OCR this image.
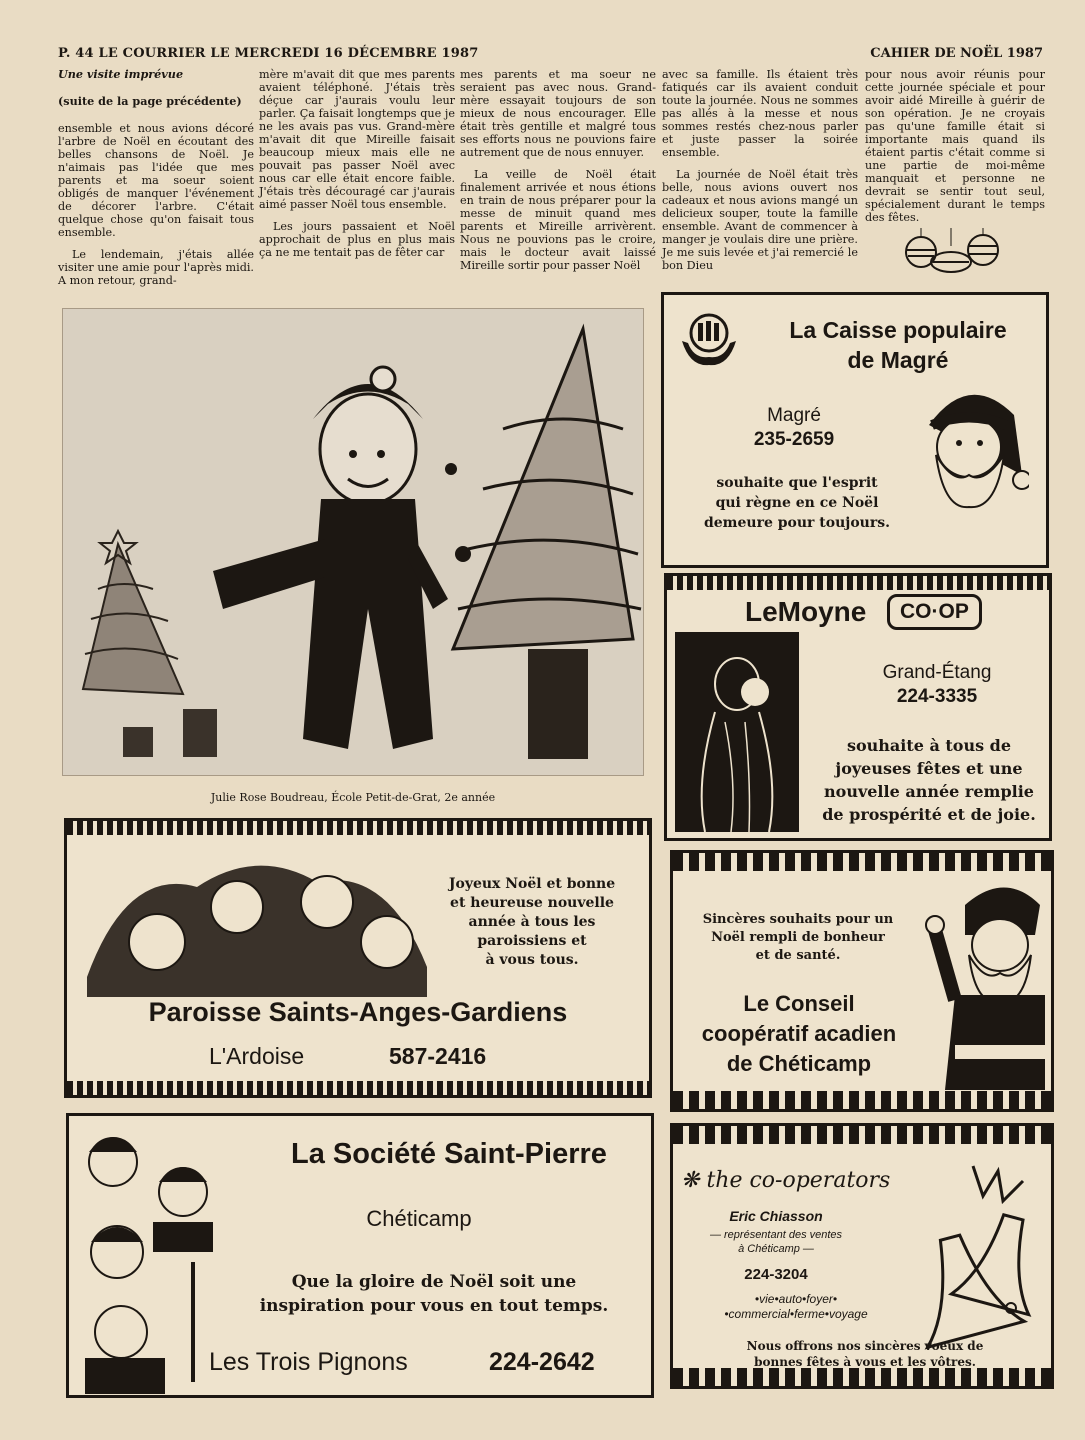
P. 44 LE COURRIER LE MERCREDI 16 DÉCEMBRE 1987	CAHIER DE NOËL 1987

Une visite imprévue

(suite de la page précédente)

ensemble et nous avions décoré l'arbre de Noël en écoutant des belles chansons de Noël. Je n'aimais pas l'idée que mes parents et ma soeur soient obligés de manquer l'événement de décorer l'arbre. C'était quelque chose qu'on faisait tous ensemble.

Le lendemain, j'étais allée visiter une amie pour l'après midi. A mon retour, grand-

mère m'avait dit que mes parents avaient téléphoné. J'étais très déçue car j'aurais voulu leur parler. Ça faisait longtemps que je ne les avais pas vus. Grand-mère m'avait dit que Mireille faisait beaucoup mieux mais elle ne pouvait pas passer Noël avec nous car elle était encore faible. J'étais très découragé car j'aurais aimé passer Noël tous ensemble.

Les jours passaient et Noël approchait de plus en plus mais ça ne me tentait pas de fêter car

mes parents et ma soeur ne seraient pas avec nous. Grand-mère essayait toujours de son mieux de nous encourager. Elle était très gentille et malgré tous ses efforts nous ne pouvions faire autrement que de nous ennuyer.

La veille de Noël était finalement arrivée et nous étions en train de nous préparer pour la messe de minuit quand mes parents et Mireille arrivèrent. Nous ne pouvions pas le croire, mais le docteur avait laissé Mireille sortir pour passer Noël

avec sa famille. Ils étaient très fatiqués car ils avaient conduit toute la journée. Nous ne sommes pas allés à la messe et nous sommes restés chez-nous parler et juste passer la soirée ensemble.

La journée de Noël était très belle, nous avions ouvert nos cadeaux et nous avions mangé un delicieux souper, toute la famille ensemble. Avant de commencer à manger je voulais dire une prière. Je me suis levée et j'ai remercié le bon Dieu

pour nous avoir réunis pour cette journée spéciale et pour avoir aidé Mireille à guérir de son opération. Je ne croyais pas qu'une famille était si importante mais quand ils étaient partis c'était comme si une partie de moi-même manquait et personne ne devrait se sentir tout seul, spécialement durant le temps des fêtes.

Julie Rose Boudreau, École Petit-de-Grat, 2e année
La Caisse populaire
de Magré
Magré
235-2659
souhaite que l'esprit
qui règne en ce Noël
demeure pour toujours.
LeMoyne	CO·OP
Grand-Étang
224-3335
souhaite à tous de
joyeuses fêtes et une
nouvelle année remplie
de prospérité et de joie.
Joyeux Noël et bonne
et heureuse nouvelle
année à tous les
paroissiens et
à vous tous.
Paroisse Saints-Anges-Gardiens
L'Ardoise	587-2416
Sincères souhaits pour un
Noël rempli de bonheur
et de santé.
Le Conseil
coopératif acadien
de Chéticamp
La Société Saint-Pierre
Chéticamp
Que la gloire de Noël soit une
inspiration pour vous en tout temps.
Les Trois Pignons	224-2642
❋ the co-operators
Eric Chiasson
— représentant des ventes
à Chéticamp —
224-3204
•vie•auto•foyer•
•commercial•ferme•voyage
Nous offrons nos sincères voeux de
bonnes fêtes à vous et les vôtres.
